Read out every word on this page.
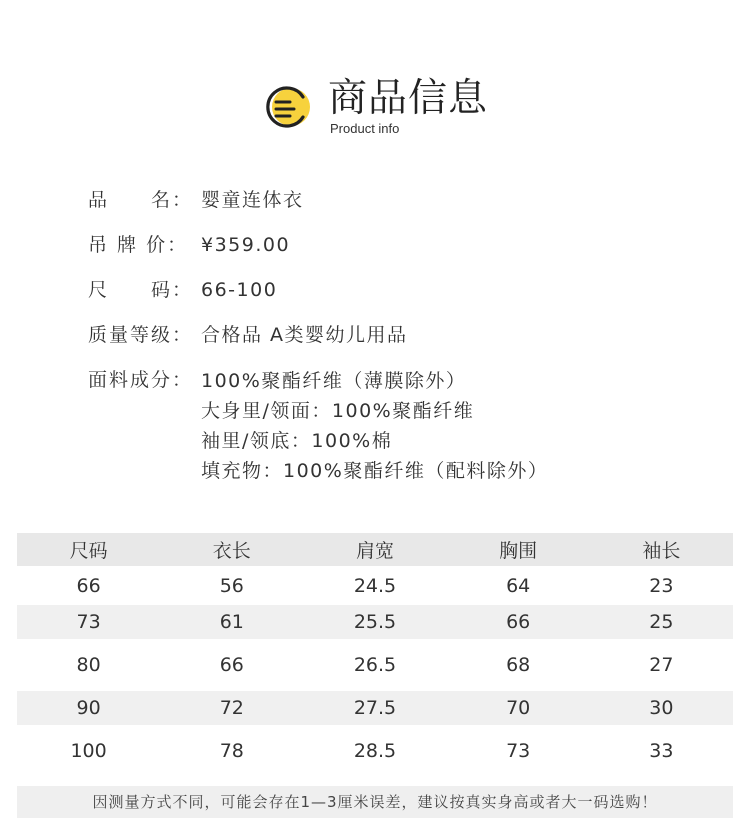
商品信息
Product info
品　　名： 婴童连体衣
吊 牌 价： ¥359.00
尺　　码： 66-100
质量等级： 合格品 A类婴幼儿用品
面料成分： 100%聚酯纤维（薄膜除外）
大身里/领面：100%聚酯纤维
袖里/领底：100%棉
填充物：100%聚酯纤维（配料除外）
尺码	衣长	肩宽	胸围	袖长
66	56	24.5	64	23
73	61	25.5	66	25
80	66	26.5	68	27
90	72	27.5	70	30
100	78	28.5	73	33
因测量方式不同，可能会存在1—3厘米误差，建议按真实身高或者大一码选购！
